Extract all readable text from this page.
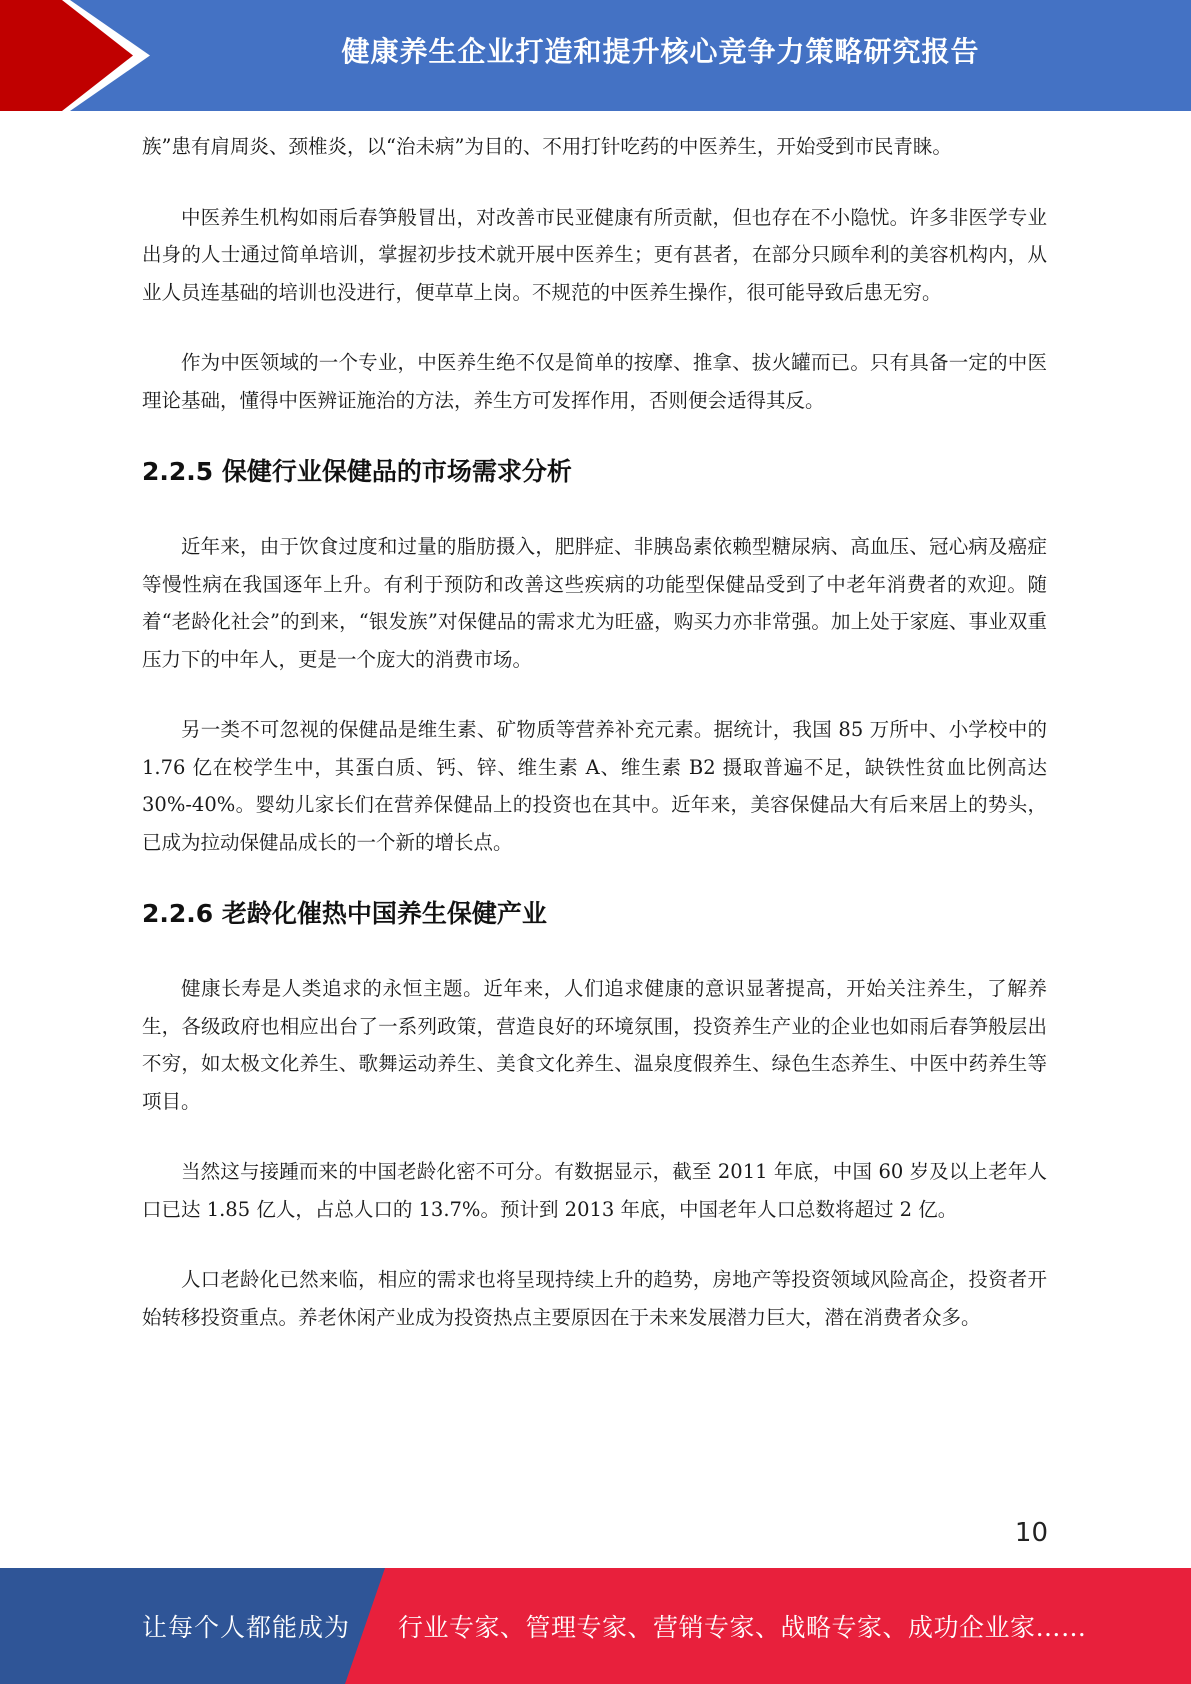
健康养生企业打造和提升核心竞争力策略研究报告

族”患有肩周炎、颈椎炎，以“治未病”为目的、不用打针吃药的中医养生，开始受到市民青睐。

中医养生机构如雨后春笋般冒出，对改善市民亚健康有所贡献，但也存在不小隐忧。许多非医学专业出身的人士通过简单培训，掌握初步技术就开展中医养生；更有甚者，在部分只顾牟利的美容机构内，从业人员连基础的培训也没进行，便草草上岗。不规范的中医养生操作，很可能导致后患无穷。

作为中医领域的一个专业，中医养生绝不仅是简单的按摩、推拿、拔火罐而已。只有具备一定的中医理论基础，懂得中医辨证施治的方法，养生方可发挥作用，否则便会适得其反。

2.2.5 保健行业保健品的市场需求分析

近年来，由于饮食过度和过量的脂肪摄入，肥胖症、非胰岛素依赖型糖尿病、高血压、冠心病及癌症等慢性病在我国逐年上升。有利于预防和改善这些疾病的功能型保健品受到了中老年消费者的欢迎。随着“老龄化社会”的到来，“银发族”对保健品的需求尤为旺盛，购买力亦非常强。加上处于家庭、事业双重压力下的中年人，更是一个庞大的消费市场。

另一类不可忽视的保健品是维生素、矿物质等营养补充元素。据统计，我国 85 万所中、小学校中的 1.76 亿在校学生中，其蛋白质、钙、锌、维生素 A、维生素 B2 摄取普遍不足，缺铁性贫血比例高达 30%-40%。婴幼儿家长们在营养保健品上的投资也在其中。近年来，美容保健品大有后来居上的势头，已成为拉动保健品成长的一个新的增长点。

2.2.6 老龄化催热中国养生保健产业

健康长寿是人类追求的永恒主题。近年来，人们追求健康的意识显著提高，开始关注养生，了解养生，各级政府也相应出台了一系列政策，营造良好的环境氛围，投资养生产业的企业也如雨后春笋般层出不穷，如太极文化养生、歌舞运动养生、美食文化养生、温泉度假养生、绿色生态养生、中医中药养生等项目。

当然这与接踵而来的中国老龄化密不可分。有数据显示，截至 2011 年底，中国 60 岁及以上老年人口已达 1.85 亿人，占总人口的 13.7%。预计到 2013 年底，中国老年人口总数将超过 2 亿。

人口老龄化已然来临，相应的需求也将呈现持续上升的趋势，房地产等投资领域风险高企，投资者开始转移投资重点。养老休闲产业成为投资热点主要原因在于未来发展潜力巨大，潜在消费者众多。

10
让每个人都能成为 行业专家、管理专家、营销专家、战略专家、成功企业家……
